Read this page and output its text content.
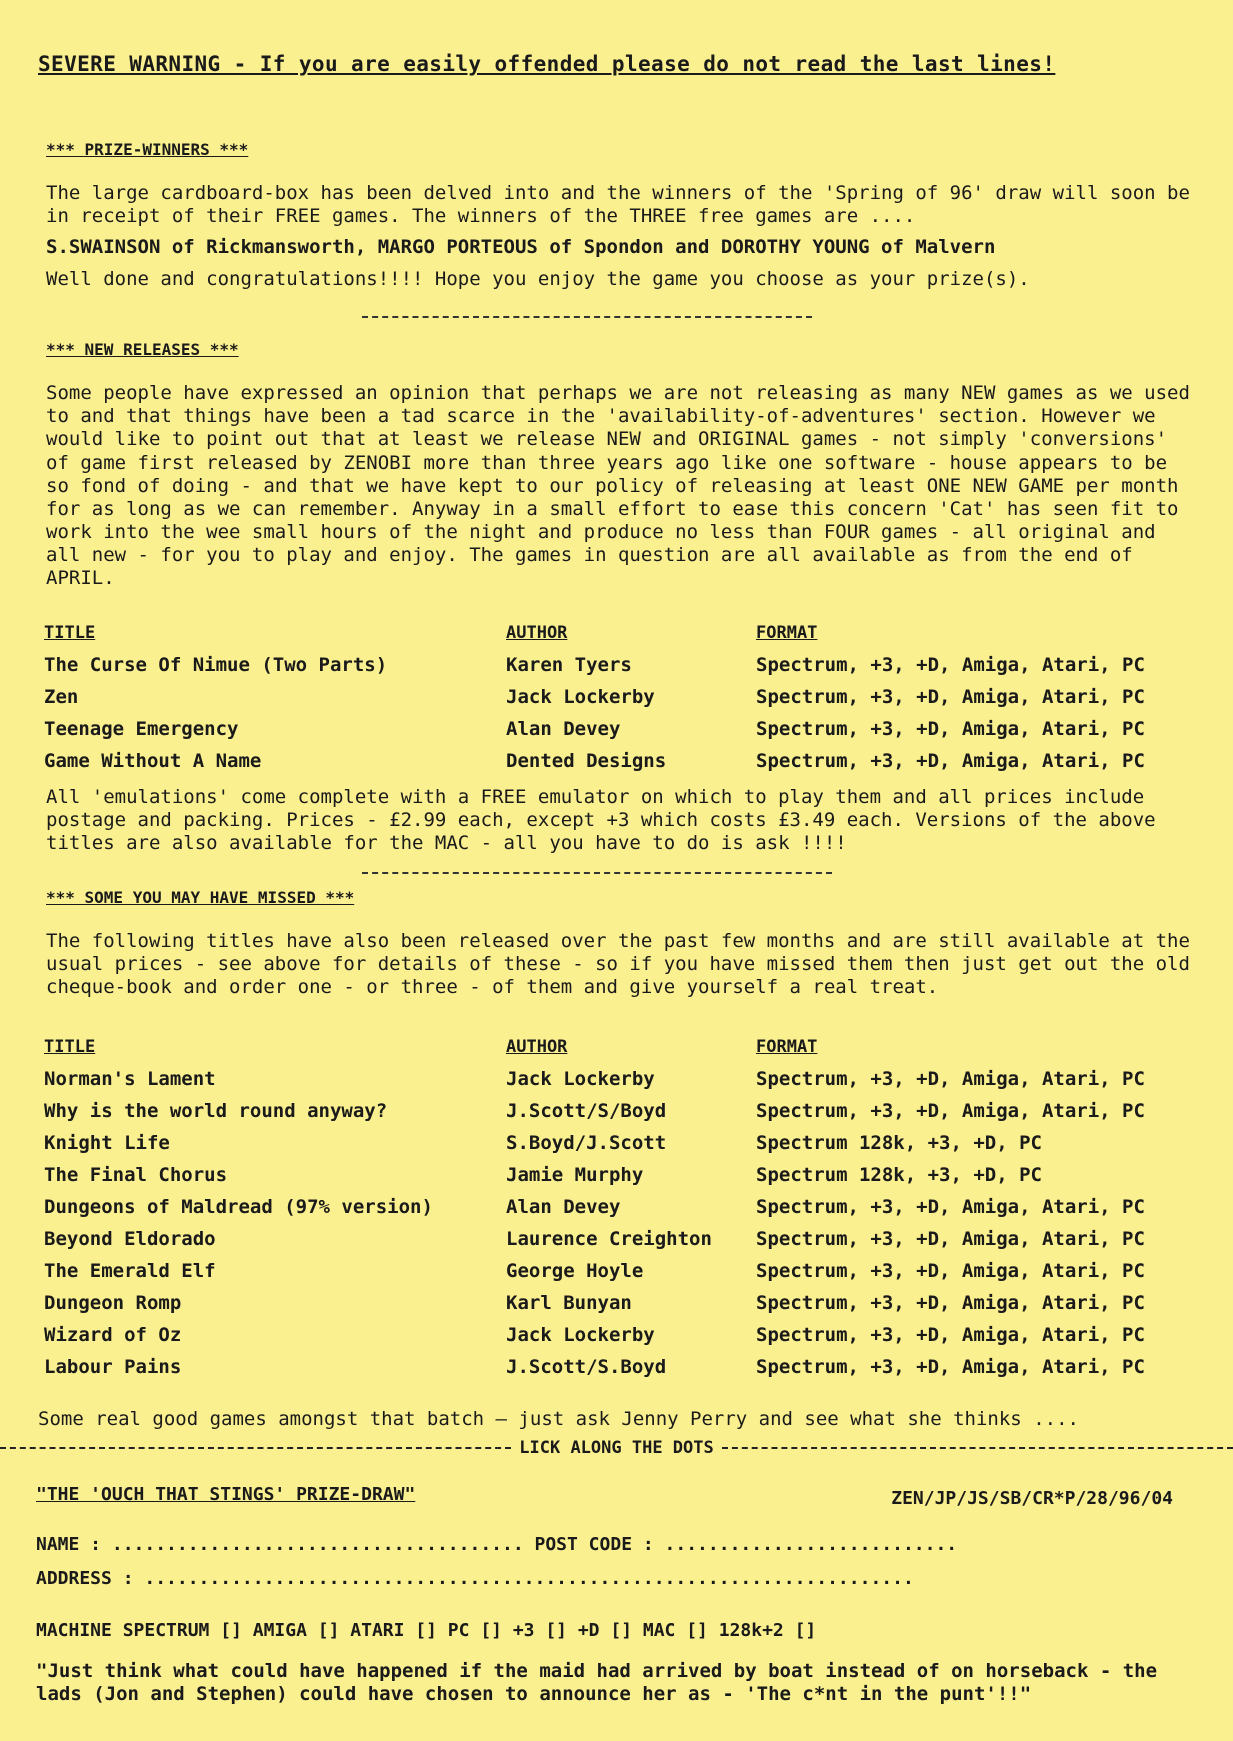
SEVERE WARNING - If you are easily offended please do not read the last lines!
*** PRIZE-WINNERS ***

The large cardboard-box has been delved into and the winners of the 'Spring of 96' draw will soon be in receipt of their FREE games. The winners of the THREE free games are ....

S.SWAINSON of Rickmansworth, MARGO PORTEOUS of Spondon and DOROTHY YOUNG of Malvern

Well done and congratulations!!!! Hope you enjoy the game you choose as your prize(s).

*** NEW RELEASES ***

Some people have expressed an opinion that perhaps we are not releasing as many NEW games as we used to and that things have been a tad scarce in the 'availability-of-adventures' section. However we would like to point out that at least we release NEW and ORIGINAL games - not simply 'conversions' of game first released by ZENOBI more than three years ago like one software - house appears to be so fond of doing - and that we have kept to our policy of releasing at least ONE NEW GAME per month for as long as we can remember. Anyway in a small effort to ease this concern 'Cat' has seen fit to work into the wee small hours of the night and produce no less than FOUR games - all original and all new - for you to play and enjoy. The games in question are all available as from the end of APRIL.

TITLE	AUTHOR	FORMAT
The Curse Of Nimue (Two Parts)	Karen Tyers	Spectrum, +3, +D, Amiga, Atari, PC
Zen	Jack Lockerby	Spectrum, +3, +D, Amiga, Atari, PC
Teenage Emergency	Alan Devey	Spectrum, +3, +D, Amiga, Atari, PC
Game Without A Name	Dented Designs	Spectrum, +3, +D, Amiga, Atari, PC

All 'emulations' come complete with a FREE emulator on which to play them and all prices include postage and packing. Prices - £2.99 each, except +3 which costs £3.49 each. Versions of the above titles are also available for the MAC - all you have to do is ask !!!!

*** SOME YOU MAY HAVE MISSED ***

The following titles have also been released over the past few months and are still available at the usual prices - see above for details of these - so if you have missed them then just get out the old cheque-book and order one - or three - of them and give yourself a real treat.

TITLE	AUTHOR	FORMAT
Norman's Lament	Jack Lockerby	Spectrum, +3, +D, Amiga, Atari, PC
Why is the world round anyway?	J.Scott/S/Boyd	Spectrum, +3, +D, Amiga, Atari, PC
Knight Life	S.Boyd/J.Scott	Spectrum 128k, +3, +D, PC
The Final Chorus	Jamie Murphy	Spectrum 128k, +3, +D, PC
Dungeons of Maldread (97% version)	Alan Devey	Spectrum, +3, +D, Amiga, Atari, PC
Beyond Eldorado	Laurence Creighton	Spectrum, +3, +D, Amiga, Atari, PC
The Emerald Elf	George Hoyle	Spectrum, +3, +D, Amiga, Atari, PC
Dungeon Romp	Karl Bunyan	Spectrum, +3, +D, Amiga, Atari, PC
Wizard of Oz	Jack Lockerby	Spectrum, +3, +D, Amiga, Atari, PC
Labour Pains	J.Scott/S.Boyd	Spectrum, +3, +D, Amiga, Atari, PC

Some real good games amongst that batch — just ask Jenny Perry and see what she thinks ....

LICK ALONG THE DOTS
"THE 'OUCH THAT STINGS' PRIZE-DRAW"	ZEN/JP/JS/SB/CR*P/28/96/04
NAME : ...................................... POST CODE : ...........................
ADDRESS : .......................................................................
MACHINE SPECTRUM [] AMIGA [] ATARI [] PC [] +3 [] +D [] MAC [] 128k+2 []
"Just think what could have happened if the maid had arrived by boat instead of on horseback - the lads (Jon and Stephen) could have chosen to announce her as - 'The c*nt in the punt'!!"
